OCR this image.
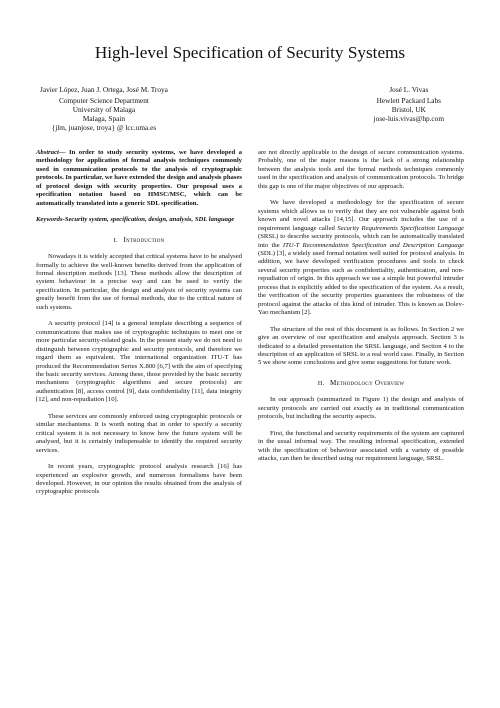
High-level Specification of Security Systems
Javier López, Juan J. Ortega, José M. Troya
Computer Science Department
University of Malaga
Malaga, Spain
{jlm, juanjose, troya} @ lcc.uma.es
José L. Vivas
Hewlett Packard Labs
Bristol, UK
jose-luis.vivas@hp.com

Abstract— In order to study security systems, we have developed a methodology for application of formal analysis techniques commonly used in communication protocols to the analysis of cryptographic protocols. In particular, we have extended the design and analysis phases of protocol design with security properties. Our proposal uses a specification notation based on HMSC/MSC, which can be automatically translated into a generic SDL specification.

Keywords-Security system, specification, design, analysis, SDL language

I. Introduction

Nowadays it is widely accepted that critical systems have to be analysed formally to achieve the well-known benefits derived from the application of formal description methods [13]. These methods allow the description of system behaviour in a precise way and can be used to verify the specification. In particular, the design and analysis of security systems can greatly benefit from the use of formal methods, due to the critical nature of such systems.

A security protocol [14] is a general template describing a sequence of communications that makes use of cryptographic techniques to meet one or more particular security-related goals. In the present study we do not need to distinguish between cryptographic and security protocols, and therefore we regard them as equivalent. The international organization ITU-T has produced the Recommendation Series X.800 [6,7] with the aim of specifying the basic security services. Among these, those provided by the basic security mechanisms (cryptographic algorithms and secure protocols) are authentication [8], access control [9], data confidentiality [11], data integrity [12], and non-repudiation [10].

These services are commonly enforced using cryptographic protocols or similar mechanisms. It is worth noting that in order to specify a security critical system it is not necessary to know how the future system will be analysed, but it is certainly indispensable to identify the required security services.

In recent years, cryptographic protocol analysis research [16] has experienced an explosive growth, and numerous formalisms have been developed. However, in our opinion the results obtained from the analysis of cryptographic protocols

are not directly applicable to the design of secure communication systems. Probably, one of the major reasons is the lack of a strong relationship between the analysis tools and the formal methods techniques commonly used in the specification and analysis of communication protocols. To bridge this gap is one of the major objectives of our approach.

We have developed a methodology for the specification of secure systems which allows us to verify that they are not vulnerable against both known and novel attacks [14,15]. Our approach includes the use of a requirement language called Security Requirements Specification Language (SRSL) to describe security protocols, which can be automatically translated into the ITU-T Recommendation Specification and Description Language (SDL) [3], a widely used formal notation well suited for protocol analysis. In addition, we have developed verification procedures and tools to check several security properties such as confidentiality, authentication, and non-repudiation of origin. In this approach we use a simple but powerful intruder process that is explicitly added to the specification of the system. As a result, the verification of the security properties guarantees the robustness of the protocol against the attacks of this kind of intruder. This is known as Dolev-Yao mechanism [2].

The structure of the rest of this document is as follows. In Section 2 we give an overview of our specification and analysis approach. Section 3 is dedicated to a detailed presentation the SRSL language, and Section 4 to the description of an application of SRSL to a real world case. Finally, in Section 5 we show some conclusions and give some suggestions for future work.

II. Methodology Overview

In our approach (summarized in Figure 1) the design and analysis of security protocols are carried out exactly as in traditional communication protocols, but including the security aspects.

First, the functional and security requirements of the system are captured in the usual informal way. The resulting informal specification, extended with the specification of behaviour associated with a variety of possible attacks, can then be described using our requirement language, SRSL.
